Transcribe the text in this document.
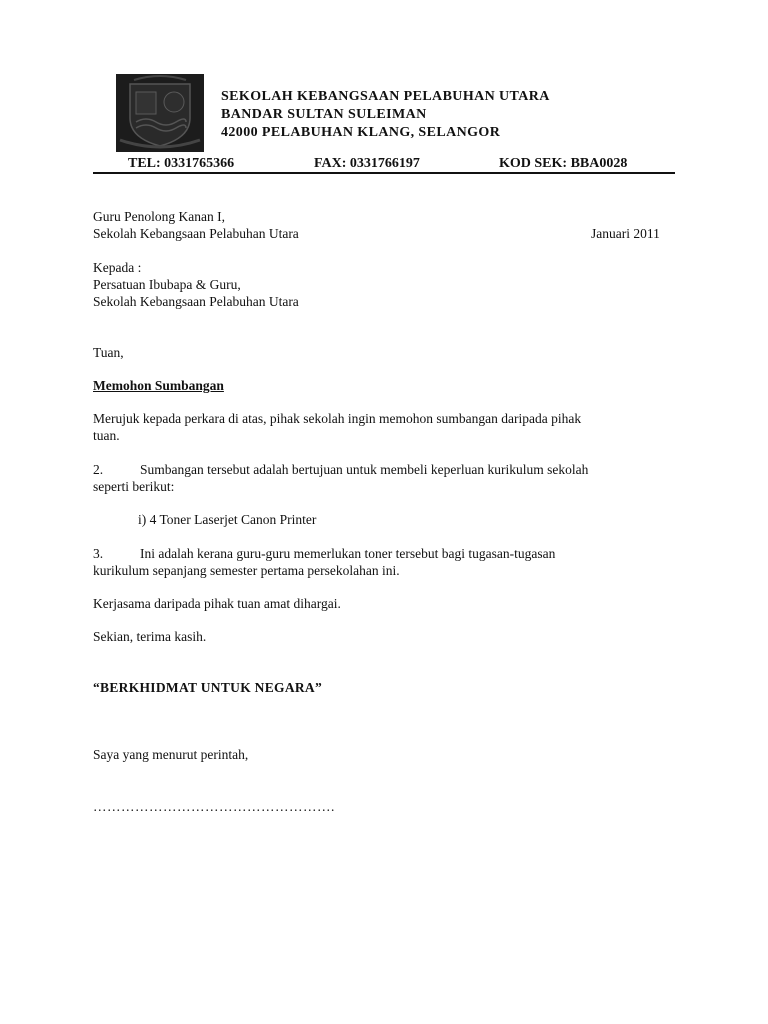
SEKOLAH KEBANGSAAN PELABUHAN UTARA
BANDAR SULTAN SULEIMAN
42000 PELABUHAN KLANG, SELANGOR
TEL: 0331765366	FAX: 0331766197	KOD SEK: BBA0028
Guru Penolong Kanan I,
Sekolah Kebangsaan Pelabuhan Utara	Januari 2011
Kepada :
Persatuan Ibubapa & Guru,
Sekolah Kebangsaan Pelabuhan Utara
Tuan,
Memohon Sumbangan
Merujuk kepada perkara di atas, pihak sekolah ingin memohon sumbangan daripada pihak
tuan.
2.	Sumbangan tersebut adalah bertujuan untuk membeli keperluan kurikulum sekolah
seperti berikut:
i) 4 Toner Laserjet Canon Printer
3.	Ini adalah kerana guru-guru memerlukan toner tersebut bagi tugasan-tugasan
kurikulum sepanjang semester pertama persekolahan ini.
Kerjasama daripada pihak tuan amat dihargai.
Sekian, terima kasih.
“BERKHIDMAT UNTUK NEGARA”
Saya yang menurut perintah,
…………………………………………….
